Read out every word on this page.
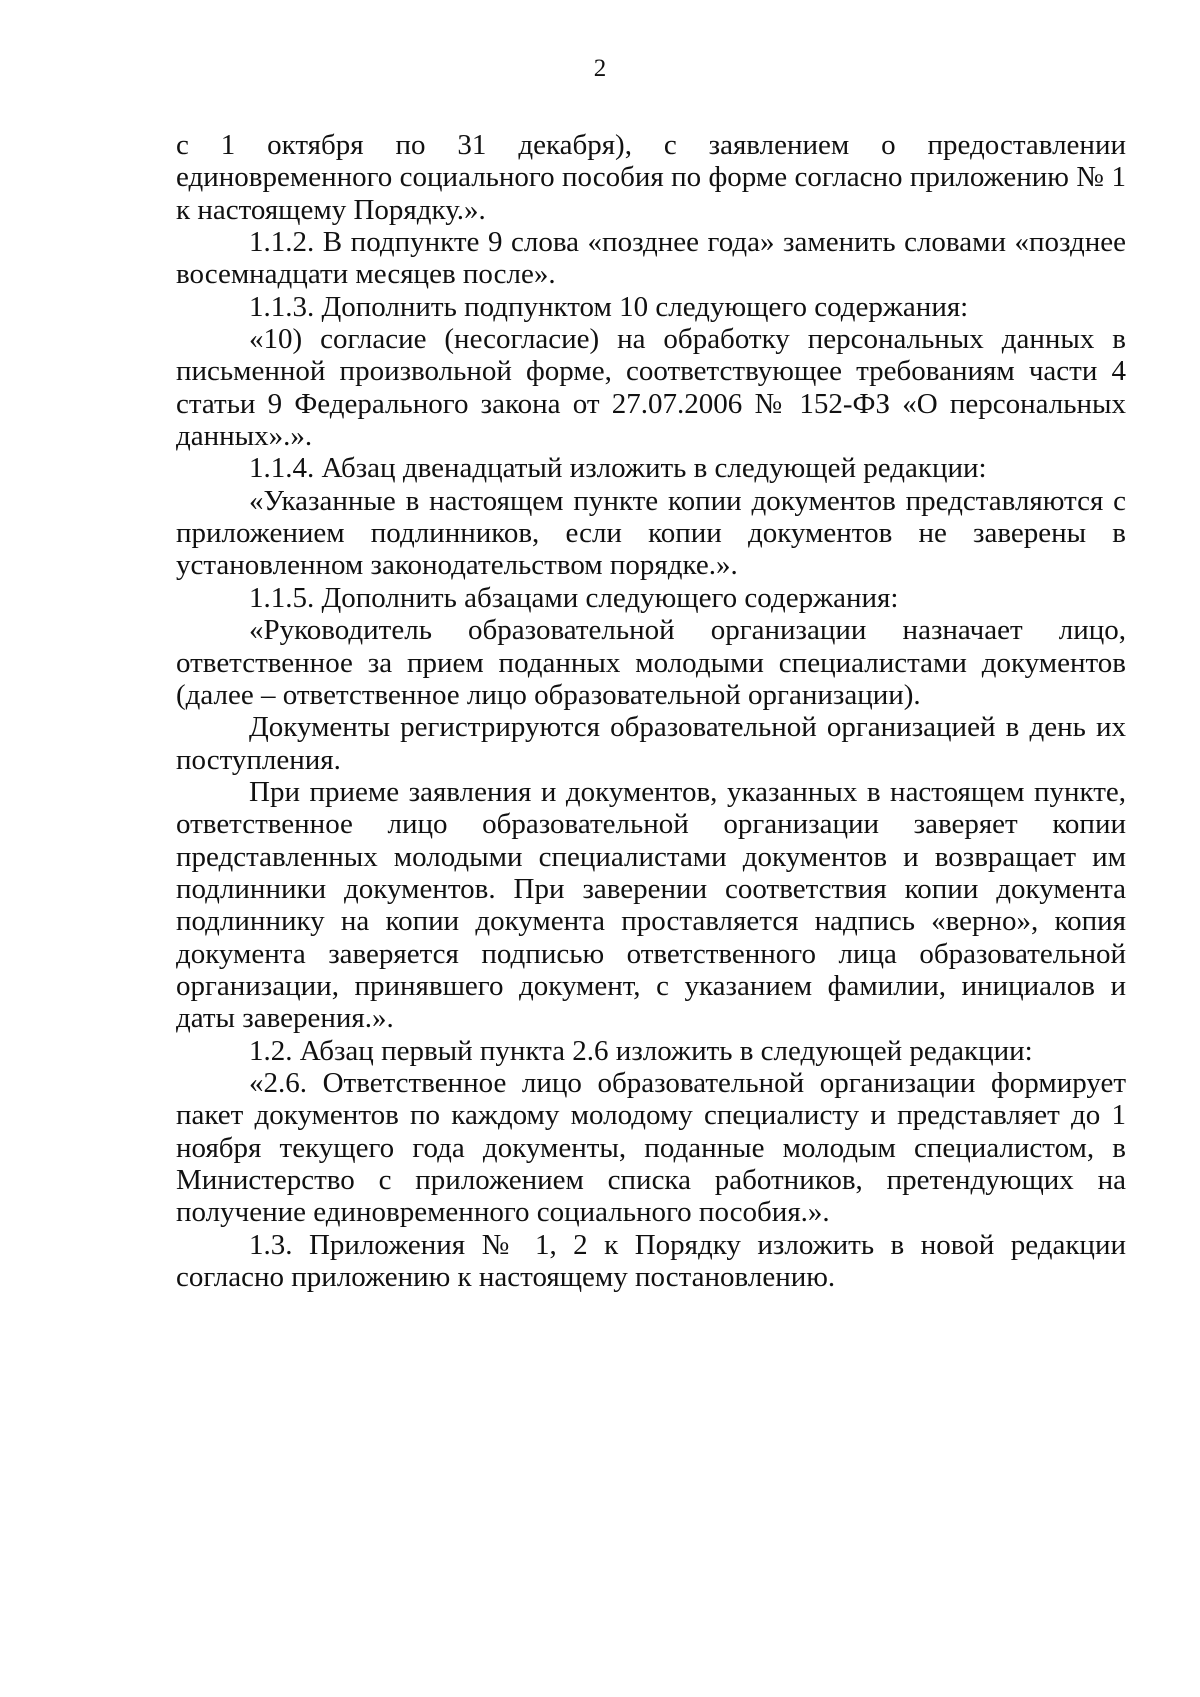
2

с 1 октября по 31 декабря), с заявлением о предоставлении единовременного социального пособия по форме согласно приложению № 1 к настоящему Порядку.».

1.1.2. В подпункте 9 слова «позднее года» заменить словами «позднее восемнадцати месяцев после».

1.1.3. Дополнить подпунктом 10 следующего содержания:

«10) согласие (несогласие) на обработку персональных данных в письменной произвольной форме, соответствующее требованиям части 4 статьи 9 Федерального закона от 27.07.2006 № 152-ФЗ «О персональных данных».».

1.1.4. Абзац двенадцатый изложить в следующей редакции:

«Указанные в настоящем пункте копии документов представляются с приложением подлинников, если копии документов не заверены в установленном законодательством порядке.».

1.1.5. Дополнить абзацами следующего содержания:

«Руководитель образовательной организации назначает лицо, ответственное за прием поданных молодыми специалистами документов (далее – ответственное лицо образовательной организации).

Документы регистрируются образовательной организацией в день их поступления.

При приеме заявления и документов, указанных в настоящем пункте, ответственное лицо образовательной организации заверяет копии представленных молодыми специалистами документов и возвращает им подлинники документов. При заверении соответствия копии документа подлиннику на копии документа проставляется надпись «верно», копия документа заверяется подписью ответственного лица образовательной организации, принявшего документ, с указанием фамилии, инициалов и даты заверения.».

1.2. Абзац первый пункта 2.6 изложить в следующей редакции:

«2.6. Ответственное лицо образовательной организации формирует пакет документов по каждому молодому специалисту и представляет до 1 ноября текущего года документы, поданные молодым специалистом, в Министерство с приложением списка работников, претендующих на получение единовременного социального пособия.».

1.3. Приложения № 1, 2 к Порядку изложить в новой редакции согласно приложению к настоящему постановлению.
